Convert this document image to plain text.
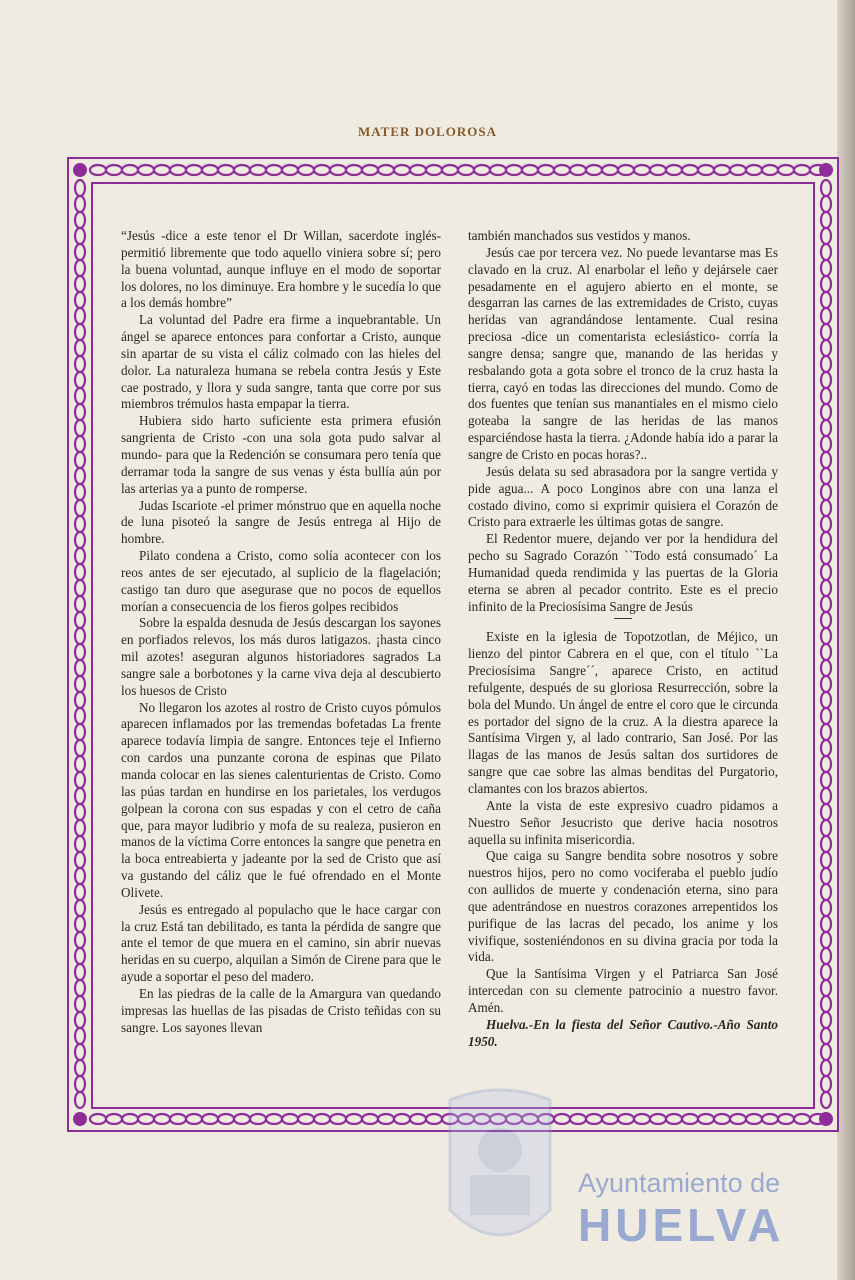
MATER DOLOROSA

“Jesús -dice a este tenor el Dr Willan, sacerdote inglés- permitió libremente que todo aquello viniera sobre sí; pero la buena voluntad, aunque influye en el modo de soportar los dolores, no los diminuye. Era hombre y le sucedía lo que a los demás hombre”

La voluntad del Padre era firme a inquebrantable. Un ángel se aparece entonces para confortar a Cristo, aunque sin apartar de su vista el cáliz colmado con las hieles del dolor. La naturaleza humana se rebela contra Jesús y Este cae postrado, y llora y suda sangre, tanta que corre por sus miembros trémulos hasta empapar la tierra.

Hubiera sido harto suficiente esta primera efusión sangrienta de Cristo -con una sola gota pudo salvar al mundo- para que la Redención se consumara pero tenía que derramar toda la sangre de sus venas y ésta bullía aún por las arterias ya a punto de romperse.

Judas Iscariote -el primer mónstruo que en aquella noche de luna pisoteó la sangre de Jesús entrega al Hijo de hombre.

Pilato condena a Cristo, como solía acontecer con los reos antes de ser ejecutado, al suplicio de la flagelación; castigo tan duro que asegurase que no pocos de equellos morían a consecuencia de los fieros golpes recibidos

Sobre la espalda desnuda de Jesús descargan los sayones en porfiados relevos, los más duros latigazos. ¡hasta cinco mil azotes! aseguran algunos historiadores sagrados La sangre sale a borbotones y la carne viva deja al descubierto los huesos de Cristo

No llegaron los azotes al rostro de Cristo cuyos pómulos aparecen inflamados por las tremendas bofetadas La frente aparece todavía limpia de sangre. Entonces teje el Infierno con cardos una punzante corona de espinas que Pilato manda colocar en las sienes calenturientas de Cristo. Como las púas tardan en hundirse en los parietales, los verdugos golpean la corona con sus espadas y con el cetro de caña que, para mayor ludibrio y mofa de su realeza, pusieron en manos de la víctima Corre entonces la sangre que penetra en la boca entreabierta y jadeante por la sed de Cristo que así va gustando del cáliz que le fué ofrendado en el Monte Olivete.

Jesús es entregado al populacho que le hace cargar con la cruz Está tan debilitado, es tanta la pérdida de sangre que ante el temor de que muera en el camino, sin abrir nuevas heridas en su cuerpo, alquilan a Simón de Cirene para que le ayude a soportar el peso del madero.

En las piedras de la calle de la Amargura van quedando impresas las huellas de las pisadas de Cristo teñidas con su sangre. Los sayones llevan

también manchados sus vestidos y manos.

Jesús cae por tercera vez. No puede levantarse mas Es clavado en la cruz. Al enarbolar el leño y dejársele caer pesadamente en el agujero abierto en el monte, se desgarran las carnes de las extremidades de Cristo, cuyas heridas van agrandándose lentamente. Cual resina preciosa -dice un comentarista eclesiástico- corría la sangre densa; sangre que, manando de las heridas y resbalando gota a gota sobre el tronco de la cruz hasta la tierra, cayó en todas las direcciones del mundo. Como de dos fuentes que tenían sus manantiales en el mismo cielo goteaba la sangre de las heridas de las manos esparciéndose hasta la tierra. ¿Adonde había ido a parar la sangre de Cristo en pocas horas?..

Jesús delata su sed abrasadora por la sangre vertida y pide agua... A poco Longinos abre con una lanza el costado divino, como si exprimir quisiera el Corazón de Cristo para extraerle les últimas gotas de sangre.

El Redentor muere, dejando ver por la hendidura del pecho su Sagrado Corazón ``Todo está consumado´ La Humanidad queda rendimida y las puertas de la Gloria eterna se abren al pecador contrito. Este es el precio infinito de la Preciosísima Sangre de Jesús

Existe en la iglesia de Topotzotlan, de Méjico, un lienzo del pintor Cabrera en el que, con el título ``La Preciosísima Sangre´´, aparece Cristo, en actitud refulgente, después de su gloriosa Resurrección, sobre la bola del Mundo. Un ángel de entre el coro que le circunda es portador del signo de la cruz. A la diestra aparece la Santísima Virgen y, al lado contrario, San José. Por las llagas de las manos de Jesús saltan dos surtidores de sangre que cae sobre las almas benditas del Purgatorio, clamantes con los brazos abiertos.

Ante la vista de este expresivo cuadro pidamos a Nuestro Señor Jesucristo que derive hacia nosotros aquella su infinita misericordia.

Que caiga su Sangre bendita sobre nosotros y sobre nuestros hijos, pero no como vociferaba el pueblo judío con aullidos de muerte y condenación eterna, sino para que adentrándose en nuestros corazones arrepentidos los purifique de las lacras del pecado, los anime y los vivifique, sosteniéndonos en su divina gracia por toda la vida.

Que la Santísima Virgen y el Patriarca San José intercedan con su clemente patrocinio a nuestro favor. Amén.

Huelva.-En la fiesta del Señor Cautivo.-Año Santo 1950.

Ayuntamiento de
HUELVA
